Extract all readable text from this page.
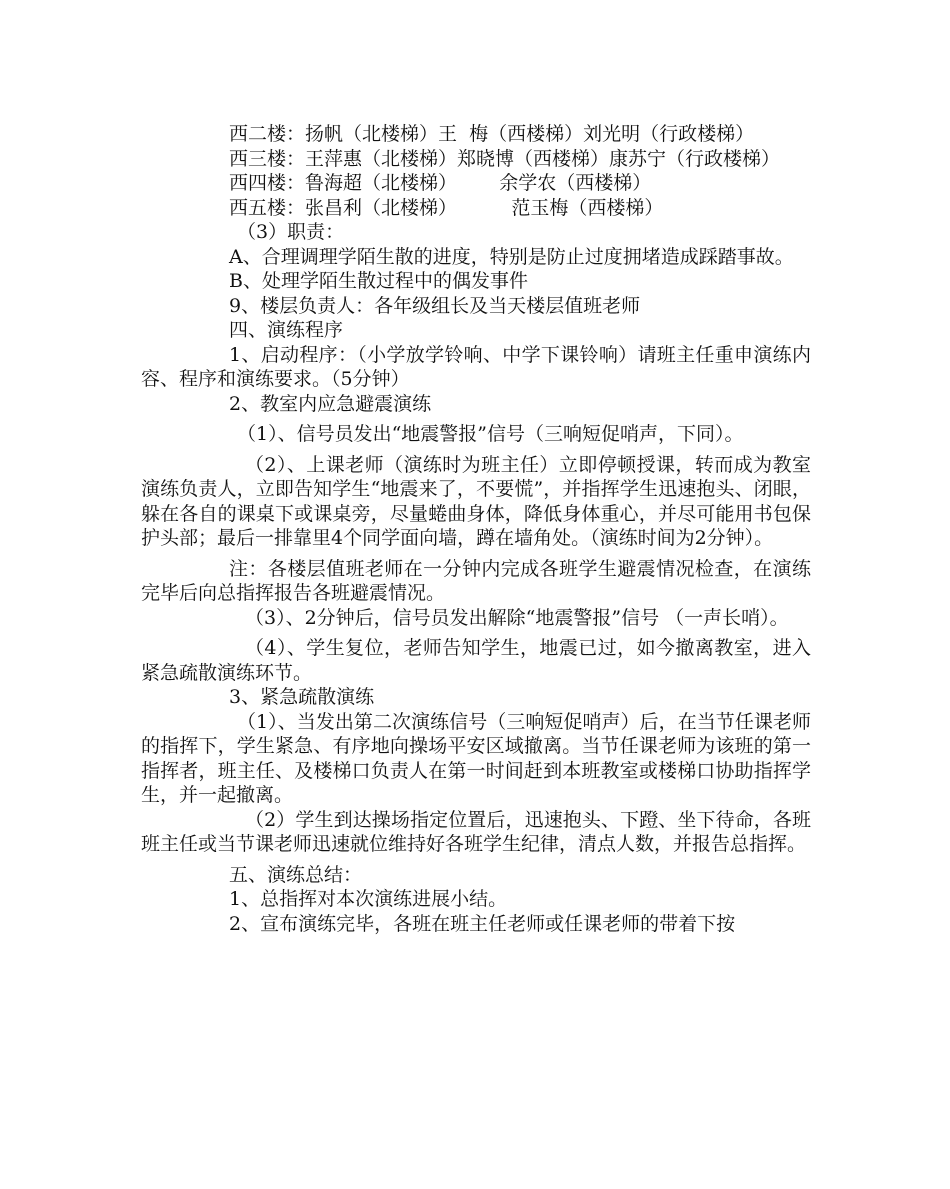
西二楼：扬帆（北楼梯）王  梅（西楼梯）刘光明（行政楼梯）

西三楼：王萍惠（北楼梯）郑晓博（西楼梯）康苏宁（行政楼梯）

西四楼：鲁海超（北楼梯）       余学农（西楼梯）

西五楼：张昌利（北楼梯）         范玉梅（西楼梯）

（3）职责：

A、合理调理学陌生散的进度，特别是防止过度拥堵造成踩踏事故。

B、处理学陌生散过程中的偶发事件

9、楼层负责人：各年级组长及当天楼层值班老师

四、演练程序

1、启动程序：（小学放学铃响、中学下课铃响）请班主任重申演练内容、程序和演练要求。（5分钟）

2、教室内应急避震演练

（1）、信号员发出“地震警报”信号（三响短促哨声，下同）。

（2）、上课老师（演练时为班主任）立即停顿授课，转而成为教室演练负责人，立即告知学生“地震来了，不要慌”，并指挥学生迅速抱头、闭眼，躲在各自的课桌下或课桌旁，尽量蜷曲身体，降低身体重心，并尽可能用书包保护头部；最后一排靠里4个同学面向墙，蹲在墙角处。（演练时间为2分钟）。

注：各楼层值班老师在一分钟内完成各班学生避震情况检查，在演练完毕后向总指挥报告各班避震情况。

（3）、2分钟后，信号员发出解除“地震警报”信号 （一声长哨）。

（4）、学生复位，老师告知学生，地震已过，如今撤离教室，进入紧急疏散演练环节。

3、紧急疏散演练

（1）、当发出第二次演练信号（三响短促哨声）后，在当节任课老师的指挥下，学生紧急、有序地向操场平安区域撤离。当节任课老师为该班的第一指挥者，班主任、及楼梯口负责人在第一时间赶到本班教室或楼梯口协助指挥学生，并一起撤离。

（2）学生到达操场指定位置后，迅速抱头、下蹬、坐下待命，各班班主任或当节课老师迅速就位维持好各班学生纪律，清点人数，并报告总指挥。

五、演练总结：

1、总指挥对本次演练进展小结。

2、宣布演练完毕，各班在班主任老师或任课老师的带着下按
